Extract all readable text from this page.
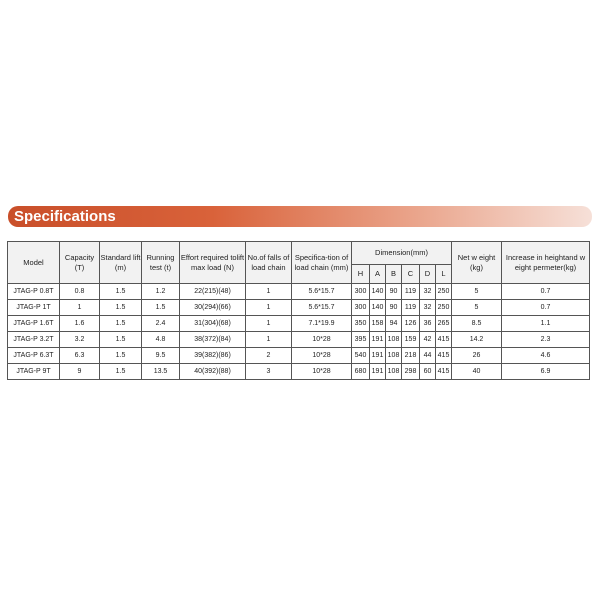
Specifications
Model	Capacity (T)	Standard lift (m)	Running test (t)	Effort required tolift max load (N)	No.of falls of load chain	Specifica-tion of load chain (mm)	Dimension(mm)						Net w eight (kg)	Increase in heightand w eight permeter(kg)
							H	A	B	C	D	L		
JTAG-P 0.8T	0.8	1.5	1.2	22(215)(48)	1	5.6*15.7	300	140	90	119	32	250	5	0.7
JTAG-P 1T	1	1.5	1.5	30(294)(66)	1	5.6*15.7	300	140	90	119	32	250	5	0.7
JTAG-P 1.6T	1.6	1.5	2.4	31(304)(68)	1	7.1*19.9	350	158	94	126	36	265	8.5	1.1
JTAG-P 3.2T	3.2	1.5	4.8	38(372)(84)	1	10*28	395	191	108	159	42	415	14.2	2.3
JTAG-P 6.3T	6.3	1.5	9.5	39(382)(86)	2	10*28	540	191	108	218	44	415	26	4.6
JTAG-P 9T	9	1.5	13.5	40(392)(88)	3	10*28	680	191	108	298	60	415	40	6.9
